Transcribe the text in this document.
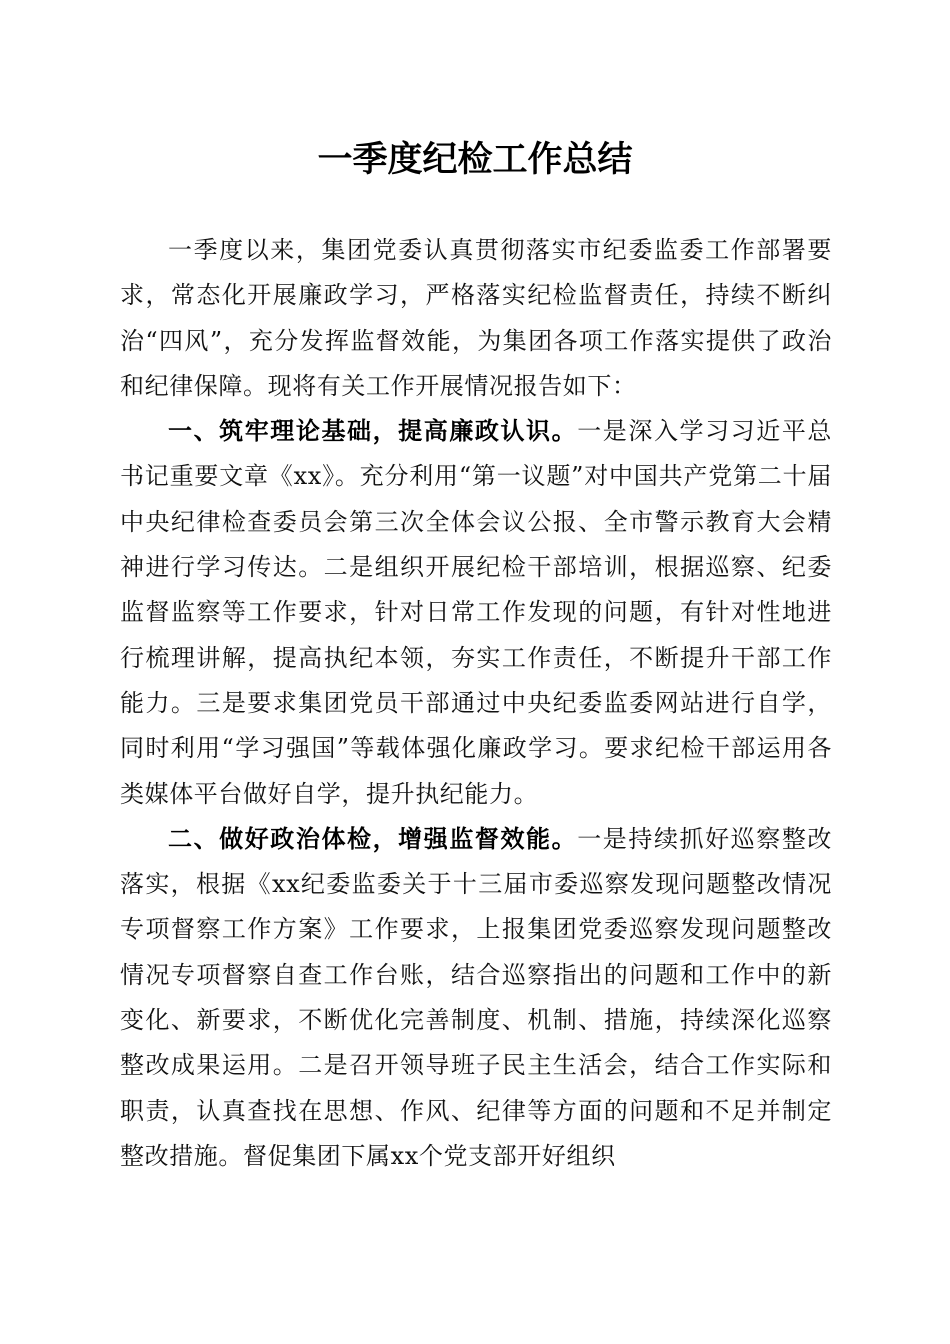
一季度纪检工作总结

一季度以来，集团党委认真贯彻落实市纪委监委工作部署要求，常态化开展廉政学习，严格落实纪检监督责任，持续不断纠治“四风”，充分发挥监督效能，为集团各项工作落实提供了政治和纪律保障。现将有关工作开展情况报告如下：

一、筑牢理论基础，提高廉政认识。一是深入学习习近平总书记重要文章《xx》。充分利用“第一议题”对中国共产党第二十届中央纪律检查委员会第三次全体会议公报、全市警示教育大会精神进行学习传达。二是组织开展纪检干部培训，根据巡察、纪委监督监察等工作要求，针对日常工作发现的问题，有针对性地进行梳理讲解，提高执纪本领，夯实工作责任，不断提升干部工作能力。三是要求集团党员干部通过中央纪委监委网站进行自学，同时利用“学习强国”等载体强化廉政学习。要求纪检干部运用各类媒体平台做好自学，提升执纪能力。

二、做好政治体检，增强监督效能。一是持续抓好巡察整改落实，根据《xx纪委监委关于十三届市委巡察发现问题整改情况专项督察工作方案》工作要求，上报集团党委巡察发现问题整改情况专项督察自查工作台账，结合巡察指出的问题和工作中的新变化、新要求，不断优化完善制度、机制、措施，持续深化巡察整改成果运用。二是召开领导班子民主生活会，结合工作实际和职责，认真查找在思想、作风、纪律等方面的问题和不足并制定整改措施。督促集团下属xx个党支部开好组织
